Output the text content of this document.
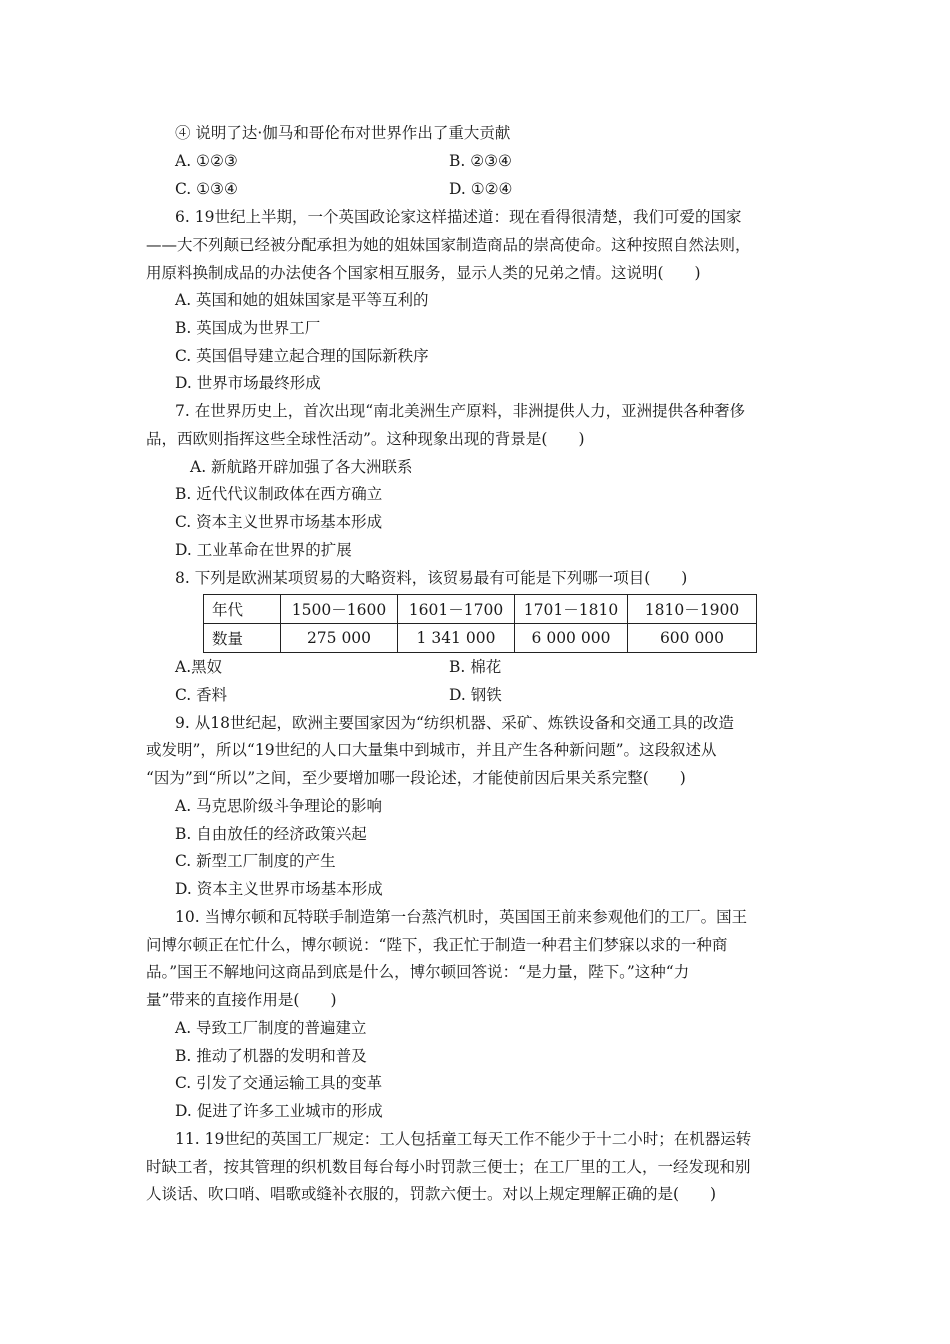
④ 说明了达·伽马和哥伦布对世界作出了重大贡献
A. ①②③	B. ②③④
C. ①③④	D. ①②④
6. 19世纪上半期，一个英国政论家这样描述道：现在看得很清楚，我们可爱的国家
——大不列颠已经被分配承担为她的姐妹国家制造商品的崇高使命。这种按照自然法则，
用原料换制成品的办法使各个国家相互服务，显示人类的兄弟之情。这说明(　　)
A. 英国和她的姐妹国家是平等互利的
B. 英国成为世界工厂
C. 英国倡导建立起合理的国际新秩序
D. 世界市场最终形成
7. 在世界历史上，首次出现“南北美洲生产原料，非洲提供人力，亚洲提供各种奢侈
品，西欧则指挥这些全球性活动”。这种现象出现的背景是(　　)
A. 新航路开辟加强了各大洲联系
B. 近代代议制政体在西方确立
C. 资本主义世界市场基本形成
D. 工业革命在世界的扩展
8. 下列是欧洲某项贸易的大略资料，该贸易最有可能是下列哪一项目(　　)
年代	1500－1600	1601－1700	1701－1810	1810－1900
数量	275 000	1 341 000	6 000 000	600 000
A.黑奴	B. 棉花
C. 香料	D. 钢铁
9. 从18世纪起，欧洲主要国家因为“纺织机器、采矿、炼铁设备和交通工具的改造
或发明”，所以“19世纪的人口大量集中到城市，并且产生各种新问题”。这段叙述从
“因为”到“所以”之间，至少要增加哪一段论述，才能使前因后果关系完整(　　)
A. 马克思阶级斗争理论的影响
B. 自由放任的经济政策兴起
C. 新型工厂制度的产生
D. 资本主义世界市场基本形成
10. 当博尔顿和瓦特联手制造第一台蒸汽机时，英国国王前来参观他们的工厂。国王
问博尔顿正在忙什么，博尔顿说：“陛下，我正忙于制造一种君主们梦寐以求的一种商
品。”国王不解地问这商品到底是什么，博尔顿回答说：“是力量，陛下。”这种“力
量”带来的直接作用是(　　)
A. 导致工厂制度的普遍建立
B. 推动了机器的发明和普及
C. 引发了交通运输工具的变革
D. 促进了许多工业城市的形成
11. 19世纪的英国工厂规定：工人包括童工每天工作不能少于十二小时；在机器运转
时缺工者，按其管理的织机数目每台每小时罚款三便士；在工厂里的工人，一经发现和别
人谈话、吹口哨、唱歌或缝补衣服的，罚款六便士。对以上规定理解正确的是(　　)
